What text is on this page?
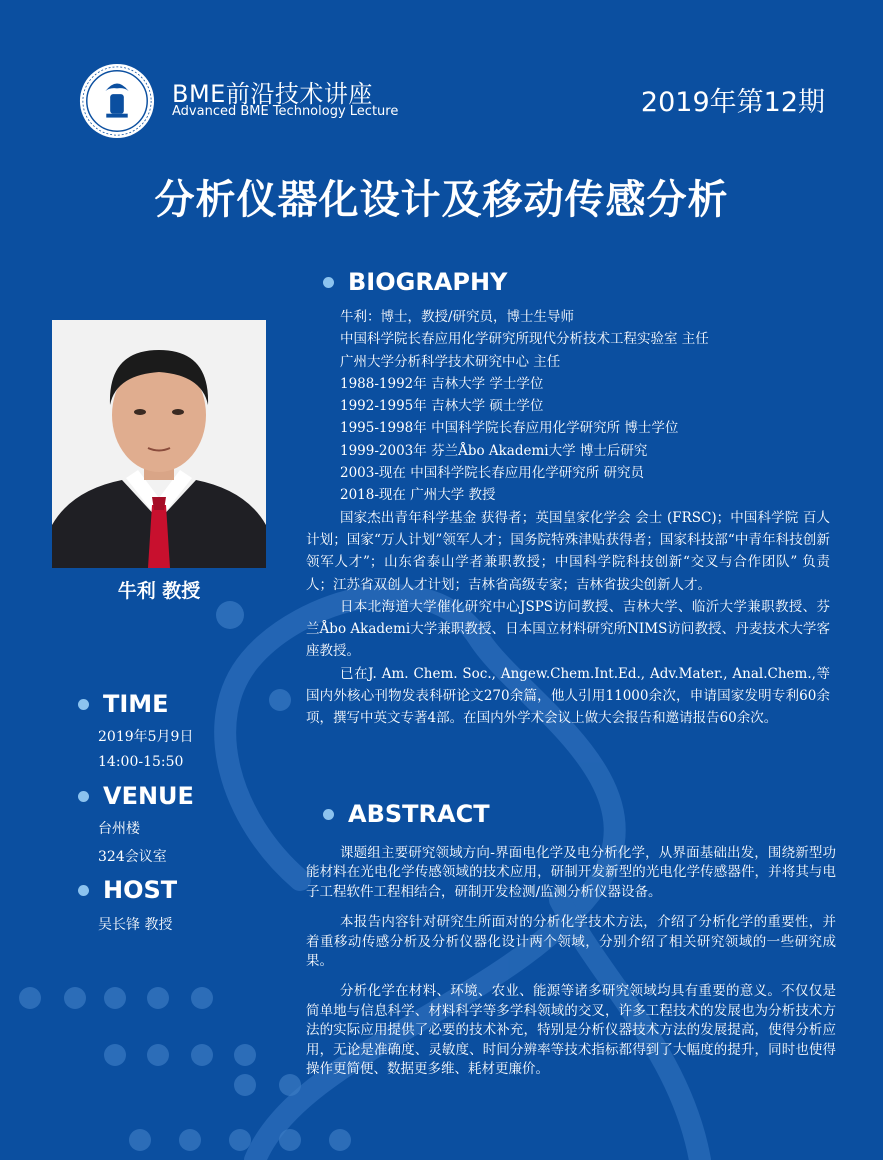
BME前沿技术讲座
Advanced BME Technology Lecture	2019年第12期
分析仪器化设计及移动传感分析
BIOGRAPHY
牛利 教授
TIME
2019年5月9日
14:00-15:50
VENUE
台州楼
324会议室
HOST
吴长锋 教授
牛利：博士，教授/研究员，博士生导师
中国科学院长春应用化学研究所现代分析技术工程实验室 主任
广州大学分析科学技术研究中心 主任
1988-1992年 吉林大学 学士学位
1992-1995年 吉林大学 硕士学位
1995-1998年 中国科学院长春应用化学研究所 博士学位
1999-2003年 芬兰Åbo Akademi大学 博士后研究
2003-现在 中国科学院长春应用化学研究所 研究员
2018-现在 广州大学 教授

国家杰出青年科学基金 获得者；英国皇家化学会 会士 (FRSC)；中国科学院 百人计划；国家“万人计划”领军人才；国务院特殊津贴获得者；国家科技部“中青年科技创新领军人才”；山东省泰山学者兼职教授；中国科学院科技创新“交叉与合作团队” 负责人；江苏省双创人才计划；吉林省高级专家；吉林省拔尖创新人才。

日本北海道大学催化研究中心JSPS访问教授、吉林大学、临沂大学兼职教授、芬兰Åbo Akademi大学兼职教授、日本国立材料研究所NIMS访问教授、丹麦技术大学客座教授。

已在J. Am. Chem. Soc., Angew.Chem.Int.Ed., Adv.Mater., Anal.Chem.,等国内外核心刊物发表科研论文270余篇，他人引用11000余次，申请国家发明专利60余项，撰写中英文专著4部。在国内外学术会议上做大会报告和邀请报告60余次。

ABSTRACT

课题组主要研究领域方向-界面电化学及电分析化学，从界面基础出发，围绕新型功能材料在光电化学传感领域的技术应用，研制开发新型的光电化学传感器件，并将其与电子工程软件工程相结合，研制开发检测/监测分析仪器设备。

本报告内容针对研究生所面对的分析化学技术方法，介绍了分析化学的重要性，并着重移动传感分析及分析仪器化设计两个领域，分别介绍了相关研究领域的一些研究成果。

分析化学在材料、环境、农业、能源等诸多研究领域均具有重要的意义。不仅仅是简单地与信息科学、材料科学等多学科领域的交叉，许多工程技术的发展也为分析技术方法的实际应用提供了必要的技术补充，特别是分析仪器技术方法的发展提高，使得分析应用，无论是准确度、灵敏度、时间分辨率等技术指标都得到了大幅度的提升，同时也使得操作更简便、数据更多维、耗材更廉价。
